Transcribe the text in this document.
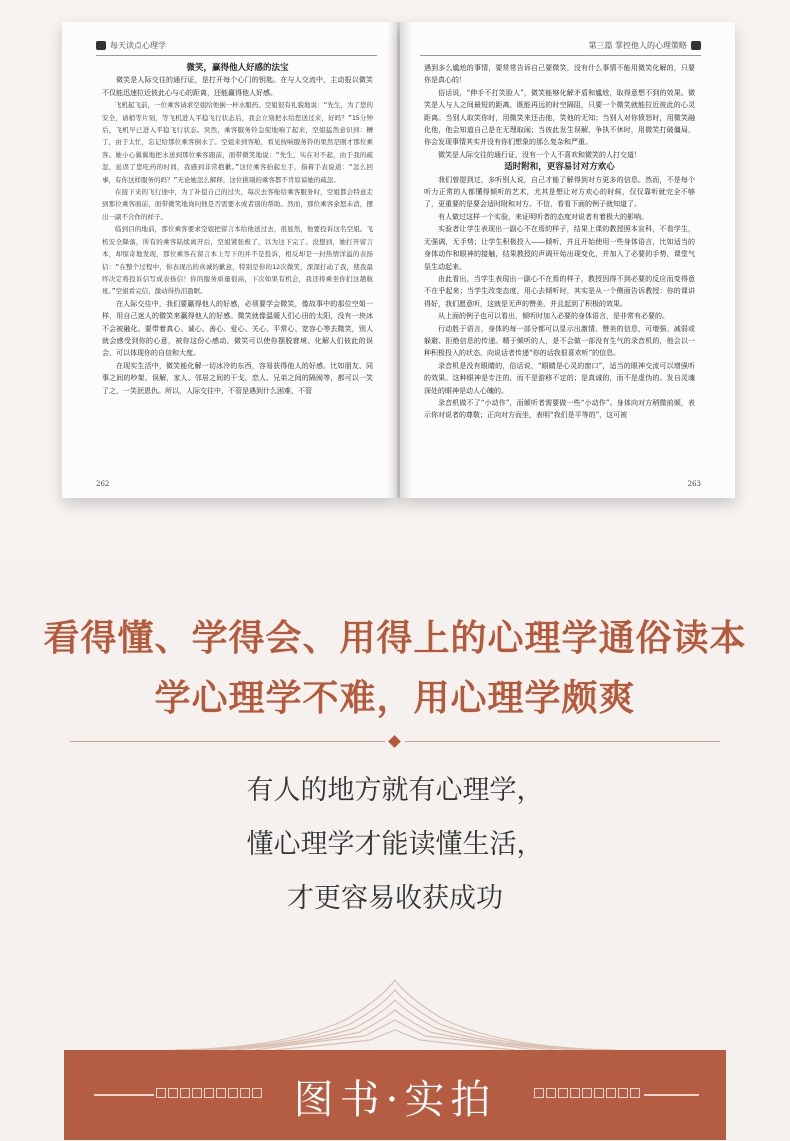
每天读点心理学

微笑，赢得他人好感的法宝

微笑是人际交往的通行证，是打开每个心门的钥匙。在与人交流中，主动报以微笑不仅能迅速拉近彼此心与心的距离，还能赢得他人好感。

飞机起飞前，一位乘客请求空姐给他倒一杯水服药。空姐很有礼貌地说：“先生，为了您的安全，请稍等片刻，等飞机进入平稳飞行状态后，我会立刻把水给您送过来，好吗？”15分钟后，飞机早已进入平稳飞行状态。突然，乘客服务铃急促地响了起来，空姐猛然意识到：糟了，由于太忙，忘记给那位乘客倒水了。空姐来到客舱，看见按响服务铃的果然是刚才那位乘客。她小心翼翼地把水送到那位乘客跟前，面带微笑地说：“先生，实在对不起，由于我的疏忽，延误了您吃药的时间，我感到非常抱歉。”这位乘客抬起左手，指着手表说道：“怎么回事，有你这样服务的吗？”无论她怎么解释，这位挑剔的乘客都不肯原谅她的疏忽。

在接下来的飞行途中，为了补偿自己的过失，每次去客舱给乘客服务时，空姐都会特意走到那位乘客面前，面带微笑地询问他是否需要水或者别的帮助。然而，那位乘客余怒未消，摆出一副不合作的样子。

临到目的地前，那位乘客要求空姐把留言本给他送过去，很显然，他要投诉这名空姐。飞机安全降落，所有的乘客陆续离开后，空姐紧张极了，以为这下完了。没想到，她打开留言本，却惊奇地发现，那位乘客在留言本上写下的并不是投诉，相反却是一封热情洋溢的表扬信：“在整个过程中，你表现出的真诚的歉意，特别是你的12次微笑，深深打动了我，使我最终决定将投诉信写成表扬信！你的服务质量很高，下次如果有机会，我还将乘坐你们这趟航班。”空姐看完信，激动得热泪盈眶。

在人际交往中，我们要赢得他人的好感，必须要学会微笑，像故事中的那位空姐一样，用自己迷人的微笑来赢得他人的好感。微笑就像温暖人们心田的太阳，没有一块冰不会被融化。要带着真心、诚心、善心、爱心、关心、平常心、宽容心等去微笑，别人就会感受到你的心意，被你这份心感动。微笑可以使你摆脱窘境、化解人们彼此的误会，可以体现你的自信和大度。

在现实生活中，微笑能化解一切冰冷的东西，容易获得他人的好感。比如朋友、同事之间的吵架、误解，家人、邻居之间的干戈，恋人、兄弟之间的隔阂等，都可以一笑了之，一笑泯恩仇。所以，人际交往中，不管是遇到什么困难，不管

262
第三篇 掌控他人的心理策略

遇到多么尴尬的事情，要常常告诉自己要微笑，没有什么事情不能用微笑化解的，只要你是真心的！

俗话说，“伸手不打笑脸人”，微笑能够化解矛盾和尴尬，取得意想不到的效果。微笑是人与人之间最短的距离，既能再远的时空隔阻，只要一个微笑就能拉近彼此的心灵距离。当别人取笑你时，用微笑来还击他，笑他的无知；当别人对你愤怒时，用微笑融化他，他会知道自己是在无理取闹；当彼此发生误解，争执不休时，用微笑打破僵局，你会发现事情其实并没有你们想象的那么复杂和严重。

微笑是人际交往的通行证，没有一个人不喜欢和微笑的人打交道！

适时附和，更容易讨对方欢心

我们曾提到过，多听别人说，自己才能了解得到对方更多的信息。然而，不是每个听力正常的人都懂得倾听的艺术，尤其是想让对方欢心的时候，仅仅靠听就完全不够了，更重要的是要会适时附和对方。不信，看看下面的例子就知道了。

有人做过这样一个实验，来证明听者的态度对说者有着极大的影响。

实验者让学生表现出一副心不在焉的样子，结果上课的教授照本宣科，不看学生，无强调，无手势；让学生积极投入——倾听，并且开始使用一些身体语言，比如适当的身体动作和眼神的接触，结果教授的声调开始出现变化，并加入了必要的手势，课堂气氛生动起来。

由此看出，当学生表现出一副心不在焉的样子，教授因得不到必要的反应而变得意不在乎起来；当学生改变态度，用心去倾听时，其实是从一个侧面告诉教授：你的课讲得好，我们愿意听，这就是无声的赞美，并且起到了积极的效果。

从上面的例子也可以看出，倾听时加入必要的身体语言，是非常有必要的。

行动胜于语言，身体的每一部分都可以显示出激情、赞美的信息，可增强、减弱或躲避、拒绝信息的传递。精于倾听的人，是不会做一部没有生气的录音机的，他会以一种积极投入的状态，向说话者传递“你的话我很喜欢听”的信息。

录音机是没有眼睛的，俗话说，“眼睛是心灵的窗口”，适当的眼神交流可以增强听的效果。这种眼神是专注的，而不是游移不定的；是真诚的，而不是虚伪的。发自灵魂深处的眼神是动人心魄的。

录音机做不了“小动作”，而倾听者需要做一些“小动作”。身体向对方稍微前倾，表示你对说者的尊敬；正向对方而坐，表明“我们是平等的”，这可被

263
看得懂、学得会、用得上的心理学通俗读本
学心理学不难，用心理学颇爽
有人的地方就有心理学，
懂心理学才能读懂生活，
才更容易收获成功
图书·实拍
